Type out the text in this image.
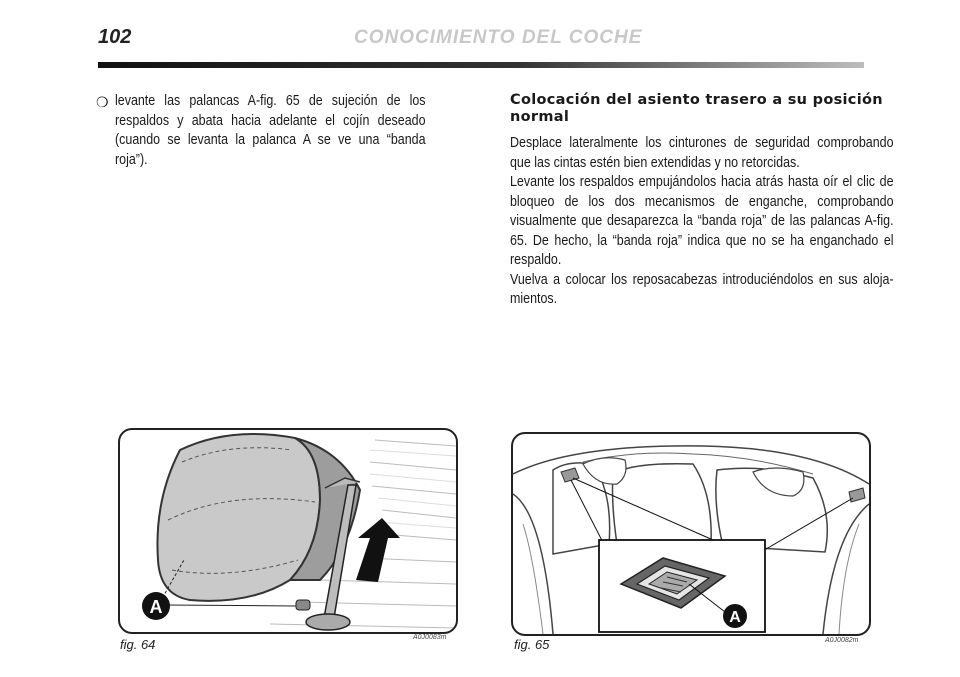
102	CONOCIMIENTO DEL COCHE
❍ levante las palancas A-fig. 65 de sujeción de los respaldos y abata hacia adelante el cojín deseado (cuando se levanta la palanca A se ve una “banda roja”).
Colocación del asiento trasero a su posición normal

Desplace lateralmente los cinturones de seguridad comprobando que las cintas estén bien extendidas y no retorcidas.

Levante los respaldos empujándolos hacia atrás hasta oír el clic de bloqueo de los dos mecanismos de enganche, comprobando visualmente que desaparezca la “banda roja” de las palancas A-fig. 65. De hecho, la “banda roja” indica que no se ha enganchado el respaldo.

Vuelva a colocar los reposacabezas introduciéndolos en sus aloja-mientos.

A
fig. 64	A0J0083m
A
fig. 65	A0J0082m
